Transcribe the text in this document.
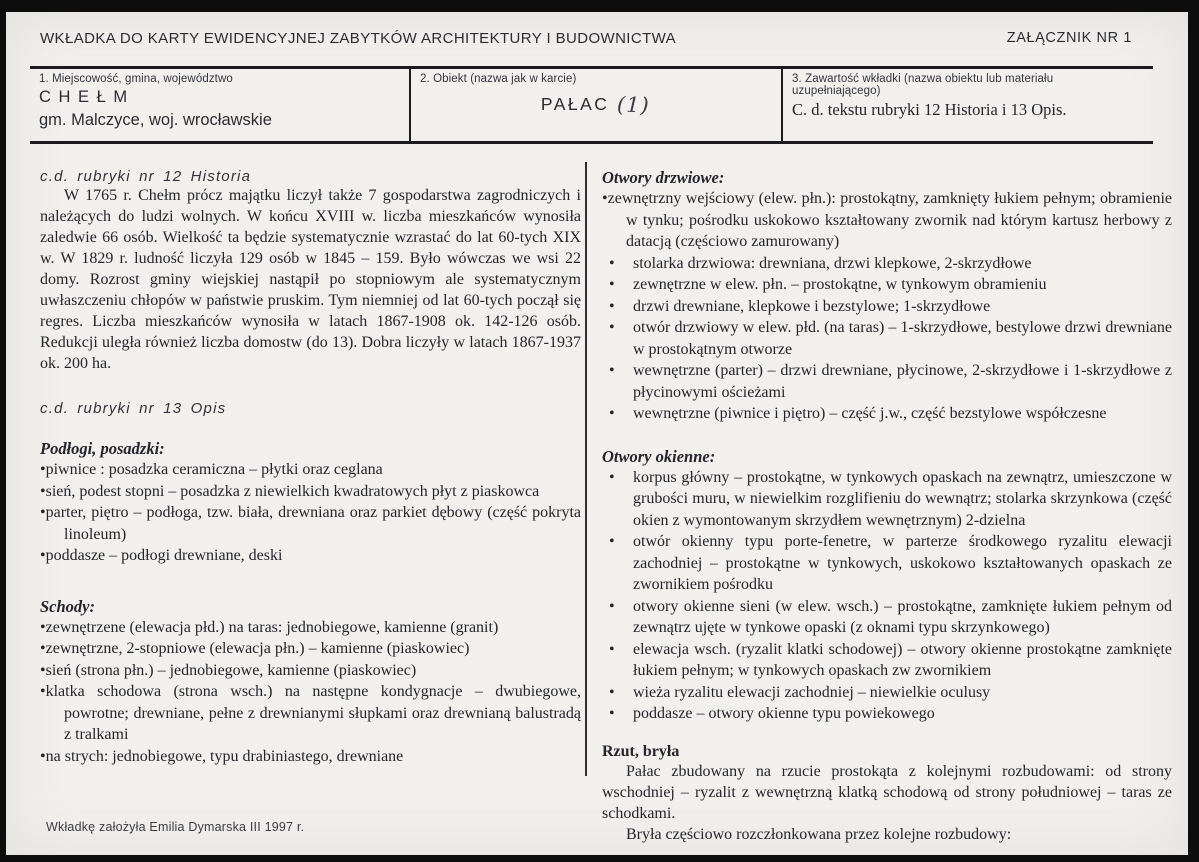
WKŁADKA DO KARTY EWIDENCYJNEJ ZABYTKÓW ARCHITEKTURY I BUDOWNICTWA	ZAŁĄCZNIK NR 1
1. Miejscowość, gmina, województwo
C H E Ł M
gm. Malczyce, woj. wrocławskie
2. Obiekt (nazwa jak w karcie)
PAŁAC (1)
3. Zawartość wkładki (nazwa obiektu lub materiału uzupełniającego)
C. d. tekstu rubryki 12 Historia i 13 Opis.
c.d. rubryki nr 12 Historia

W 1765 r. Chełm prócz majątku liczył także 7 gospodarstwa zagrodniczych i należących do ludzi wolnych. W końcu XVIII w. liczba mieszkańców wynosiła zaledwie 66 osób. Wielkość ta będzie systematycznie wzrastać do lat 60-tych XIX w. W 1829 r. ludność liczyła 129 osób w 1845 – 159. Było wówczas we wsi 22 domy. Rozrost gminy wiejskiej nastąpił po stopniowym ale systematycznym uwłaszczeniu chłopów w państwie pruskim. Tym niemniej od lat 60-tych począł się regres. Liczba mieszkańców wynosiła w latach 1867-1908 ok. 142-126 osób. Redukcji uległa również liczba domostw (do 13). Dobra liczyły w latach 1867-1937 ok. 200 ha.

c.d. rubryki nr 13 Opis
Podłogi, posadzki:
• piwnice : posadzka ceramiczna – płytki oraz ceglana
• sień, podest stopni – posadzka z niewielkich kwadratowych płyt z piaskowca
• parter, piętro – podłoga, tzw. biała, drewniana oraz parkiet dębowy (część pokryta linoleum)
• poddasze – podłogi drewniane, deski
Schody:
• zewnętrzene (elewacja płd.) na taras: jednobiegowe, kamienne (granit)
• zewnętrzne, 2-stopniowe (elewacja płn.) – kamienne (piaskowiec)
• sień (strona płn.) – jednobiegowe, kamienne (piaskowiec)
• klatka schodowa (strona wsch.) na następne kondygnacje – dwubiegowe, powrotne; drewniane, pełne z drewnianymi słupkami oraz drewnianą balustradą z tralkami
• na strych: jednobiegowe, typu drabiniastego, drewniane
Otwory drzwiowe:
• zewnętrzny wejściowy (elew. płn.): prostokątny, zamknięty łukiem pełnym; obramienie w tynku; pośrodku uskokowo kształtowany zwornik nad którym kartusz herbowy z datacją (częściowo zamurowany)
• stolarka drzwiowa: drewniana, drzwi klepkowe, 2-skrzydłowe
• zewnętrzne w elew. płn. – prostokątne, w tynkowym obramieniu
• drzwi drewniane, klepkowe i bezstylowe; 1-skrzydłowe
• otwór drzwiowy w elew. płd. (na taras) – 1-skrzydłowe, bestylowe drzwi drewniane w prostokątnym otworze
• wewnętrzne (parter) – drzwi drewniane, płycinowe, 2-skrzydłowe i 1-skrzydłowe z płycinowymi ościeżami
• wewnętrzne (piwnice i piętro) – część j.w., część bezstylowe współczesne
Otwory okienne:
• korpus główny – prostokątne, w tynkowych opaskach na zewnątrz, umieszczone w grubości muru, w niewielkim rozglifieniu do wewnątrz; stolarka skrzynkowa (część okien z wymontowanym skrzydłem wewnętrznym) 2-dzielna
• otwór okienny typu porte-fenetre, w parterze środkowego ryzalitu elewacji zachodniej – prostokątne w tynkowych, uskokowo kształtowanych opaskach ze zwornikiem pośrodku
• otwory okienne sieni (w elew. wsch.) – prostokątne, zamknięte łukiem pełnym od zewnątrz ujęte w tynkowe opaski (z oknami typu skrzynkowego)
• elewacja wsch. (ryzalit klatki schodowej) – otwory okienne prostokątne zamknięte łukiem pełnym; w tynkowych opaskach zw zwornikiem
• wieża ryzalitu elewacji zachodniej – niewielkie oculusy
• poddasze – otwory okienne typu powiekowego
Rzut, bryła

Pałac zbudowany na rzucie prostokąta z kolejnymi rozbudowami: od strony wschodniej – ryzalit z wewnętrzną klatką schodową od strony południowej – taras ze schodkami.

Bryła częściowo rozczłonkowana przez kolejne rozbudowy:

Wkładkę założyła Emilia Dymarska III 1997 r.
